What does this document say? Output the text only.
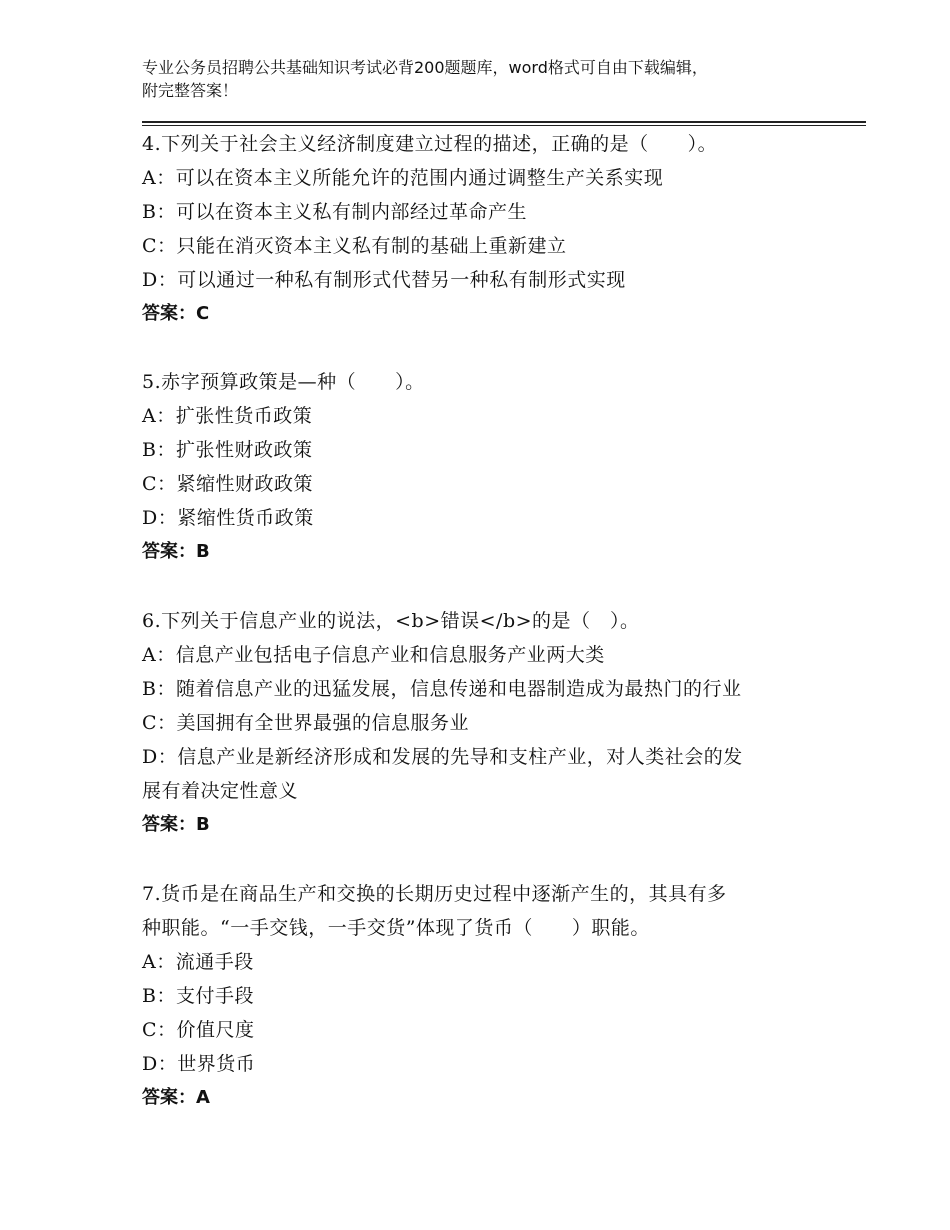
专业公务员招聘公共基础知识考试必背200题题库，word格式可自由下载编辑，
附完整答案！
4.下列关于社会主义经济制度建立过程的描述，正确的是（　　）。
A：可以在资本主义所能允许的范围内通过调整生产关系实现
B：可以在资本主义私有制内部经过革命产生
C：只能在消灭资本主义私有制的基础上重新建立
D：可以通过一种私有制形式代替另一种私有制形式实现
答案：C
5.赤字预算政策是—种（　　）。
A：扩张性货币政策
B：扩张性财政政策
C：紧缩性财政政策
D：紧缩性货币政策
答案：B
6.下列关于信息产业的说法，<b>错误</b>的是（　）。
A：信息产业包括电子信息产业和信息服务产业两大类
B：随着信息产业的迅猛发展，信息传递和电器制造成为最热门的行业
C：美国拥有全世界最强的信息服务业
D：信息产业是新经济形成和发展的先导和支柱产业，对人类社会的发
展有着决定性意义
答案：B
7.货币是在商品生产和交换的长期历史过程中逐渐产生的，其具有多
种职能。“一手交钱，一手交货”体现了货币（　　）职能。
A：流通手段
B：支付手段
C：价值尺度
D：世界货币
答案：A
